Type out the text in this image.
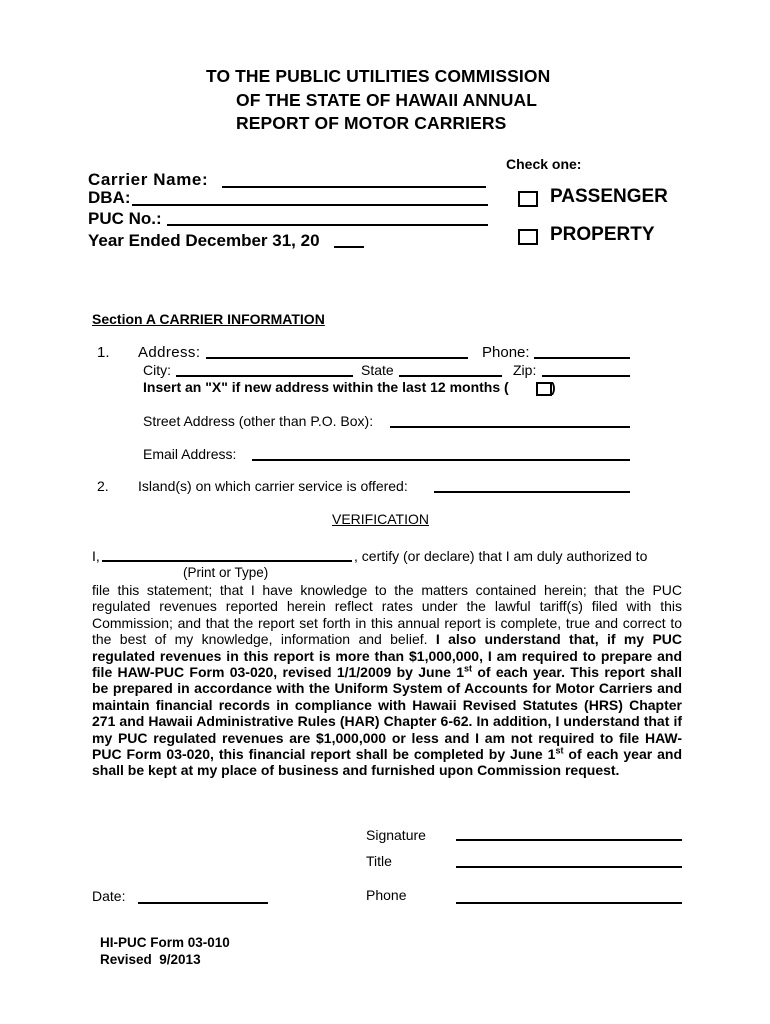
TO THE PUBLIC UTILITIES COMMISSION
OF THE STATE OF HAWAII ANNUAL
REPORT OF MOTOR CARRIERS
Check one:
Carrier Name:
DBA:
PUC No.:
Year Ended December 31, 20
PASSENGER
PROPERTY
Section A CARRIER INFORMATION
1. Address:	Phone:
City:	State	Zip:
Insert an "X" if new address within the last 12 months (	)
Street Address (other than P.O. Box):
Email Address:
2. Island(s) on which carrier service is offered:
VERIFICATION
I,	, certify (or declare) that I am duly authorized to
(Print or Type)
file this statement; that I have knowledge to the matters contained herein; that the PUC regulated revenues reported herein reflect rates under the lawful tariff(s) filed with this Commission; and that the report set forth in this annual report is complete, true and correct to the best of my knowledge, information and belief. I also understand that, if my PUC regulated revenues in this report is more than $1,000,000, I am required to prepare and file HAW-PUC Form 03-020, revised 1/1/2009 by June 1st of each year. This report shall be prepared in accordance with the Uniform System of Accounts for Motor Carriers and maintain financial records in compliance with Hawaii Revised Statutes (HRS) Chapter 271 and Hawaii Administrative Rules (HAR) Chapter 6-62. In addition, I understand that if my PUC regulated revenues are $1,000,000 or less and I am not required to file HAW-PUC Form 03-020, this financial report shall be completed by June 1st of each year and shall be kept at my place of business and furnished upon Commission request.
Signature
Title
Phone
Date:
HI-PUC Form 03-010
Revised  9/2013
